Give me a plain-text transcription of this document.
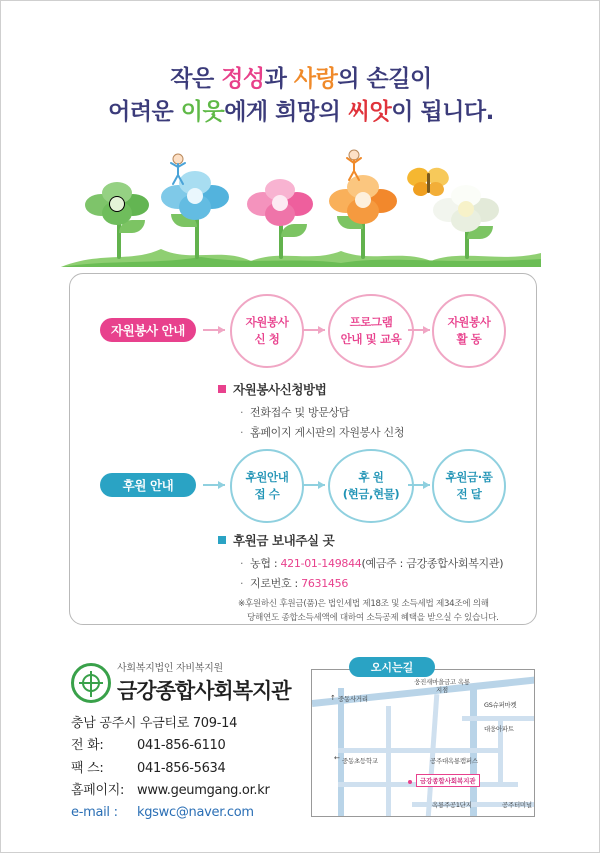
작은 정성과 사랑의 손길이
어려운 이웃에게 희망의 씨앗이 됩니다.
자원봉사 안내
자원봉사
신 청
프로그램
안내 및 교육
자원봉사
활 동
자원봉사신청방법
· 전화접수 및 방문상담
· 홈페이지 게시판의 자원봉사 신청
후원 안내
후원안내
접 수
후 원
(현금,현물)
후원금·품
전 달
후원금 보내주실 곳
· 농협 : 421-01-149844(예금주 : 금강종합사회복지관)
· 지로번호 : 7631456
※후원하신 후원금(품)은 법인세법 제18조 및 소득세법 제34조에 의해
당해연도 종합소득세액에 대하여 소득공제 혜택을 받으실 수 있습니다.
사회복지법인 자비복지원
금강종합사회복지관
충남 공주시 우금티로 709-14
전 화:	041-856-6110
팩 스:	041-856-5634
홈페이지: www.geumgang.or.kr
e-mail : kgswc@naver.com
오시는길
↑ 중동사거리
웅진새마을금고 옥룡지점
GS슈퍼마켓
대웅아파트
중동초등학교
←	공주대옥룡캠퍼스
금강종합사회복지관
옥룡주공1단지	공주터미널
